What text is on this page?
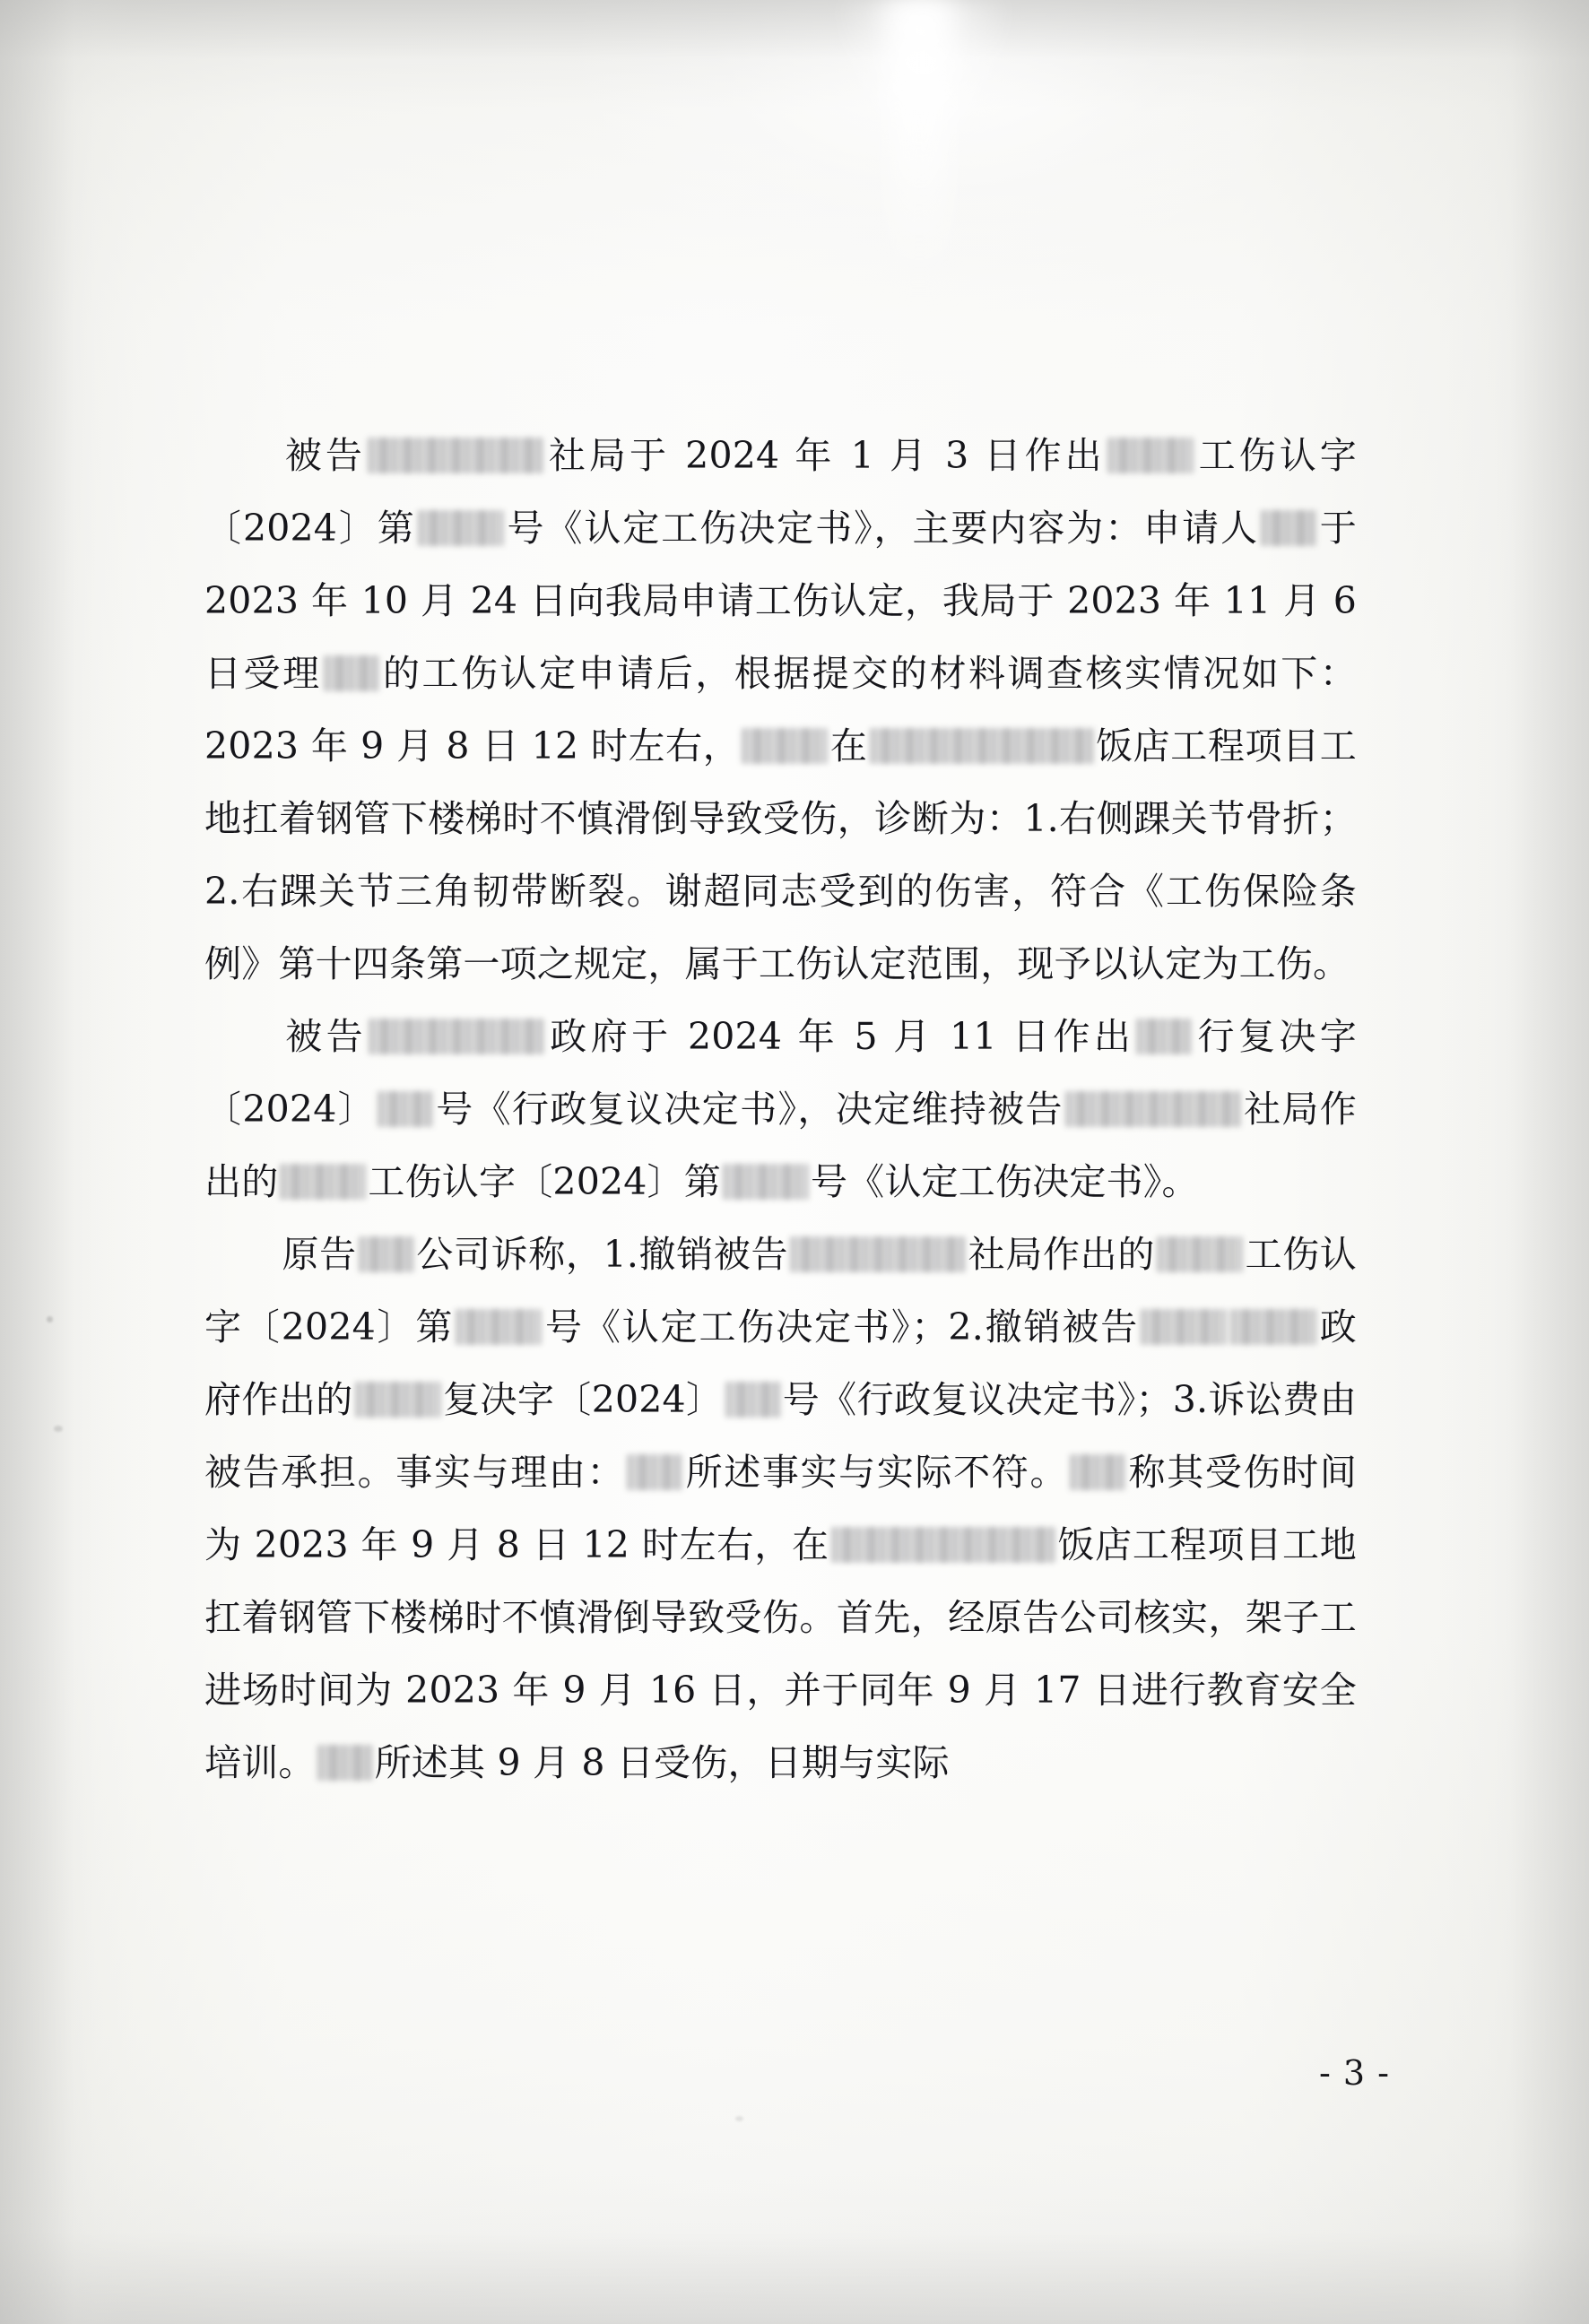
被告	社局于 2024 年 1 月 3 日作出 工伤认字〔2024〕第 号《认定工伤决定书》，主要内容为：申请人 于 2023 年 10 月 24 日向我局申请工伤认定，我局于 2023 年 11 月 6 日受理 的工伤认定申请后，根据提交的材料调查核实情况如下：2023 年 9 月 8 日 12 时左右， 在	饭店工程项目工地扛着钢管下楼梯时不慎滑倒导致受伤，诊断为：1.右侧踝关节骨折；2.右踝关节三角韧带断裂。谢超同志受到的伤害，符合《工伤保险条例》第十四条第一项之规定，属于工伤认定范围，现予以认定为工伤。
被告	政府于 2024 年 5 月 11 日作出 行复决字〔2024〕 号《行政复议决定书》，决定维持被告	社局作出的 工伤认字〔2024〕第 号《认定工伤决定书》。
原告 公司诉称，1.撤销被告	社局作出的 工伤认字〔2024〕第 号《认定工伤决定书》；2.撤销被告	政府作出的 复决字〔2024〕 号《行政复议决定书》；3.诉讼费由被告承担。事实与理由： 所述事实与实际不符。 称其受伤时间为 2023 年 9 月 8 日 12 时左右，在	饭店工程项目工地扛着钢管下楼梯时不慎滑倒导致受伤。首先，经原告公司核实，架子工进场时间为 2023 年 9 月 16 日，并于同年 9 月 17 日进行教育安全培训。 所述其 9 月 8 日受伤，日期与实际
- 3 -
